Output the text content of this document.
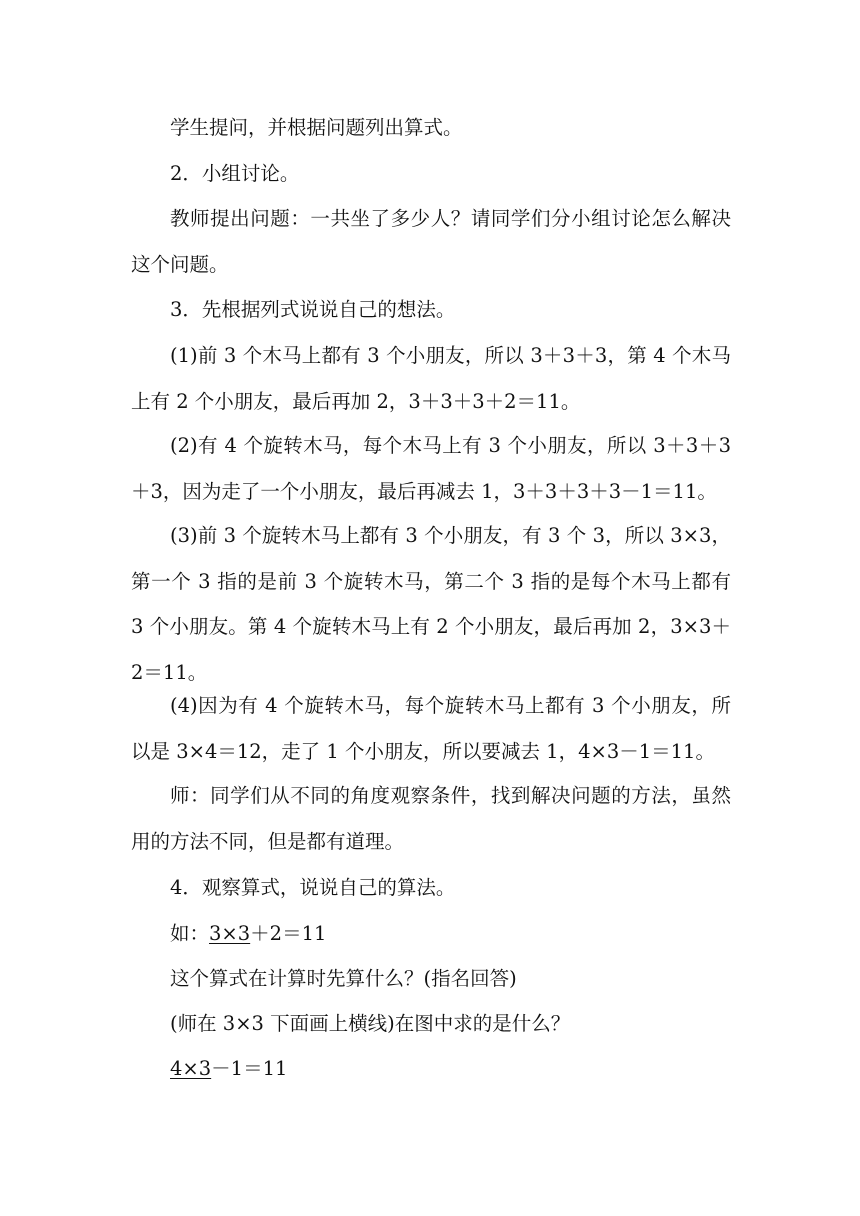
学生提问，并根据问题列出算式。

2．小组讨论。

教师提出问题：一共坐了多少人？请同学们分小组讨论怎么解决这个问题。

3．先根据列式说说自己的想法。

(1)前 3 个木马上都有 3 个小朋友，所以 3＋3＋3，第 4 个木马上有 2 个小朋友，最后再加 2，3＋3＋3＋2＝11。

(2)有 4 个旋转木马，每个木马上有 3 个小朋友，所以 3＋3＋3＋3，因为走了一个小朋友，最后再减去 1，3＋3＋3＋3－1＝11。

(3)前 3 个旋转木马上都有 3 个小朋友，有 3 个 3，所以 3×3，第一个 3 指的是前 3 个旋转木马，第二个 3 指的是每个木马上都有 3 个小朋友。第 4 个旋转木马上有 2 个小朋友，最后再加 2，3×3＋2＝11。

(4)因为有 4 个旋转木马，每个旋转木马上都有 3 个小朋友，所以是 3×4＝12，走了 1 个小朋友，所以要减去 1，4×3－1＝11。

师：同学们从不同的角度观察条件，找到解决问题的方法，虽然用的方法不同，但是都有道理。

4．观察算式，说说自己的算法。

如：3×3＋2＝11

这个算式在计算时先算什么？(指名回答)

(师在 3×3 下面画上横线)在图中求的是什么？

4×3－1＝11
